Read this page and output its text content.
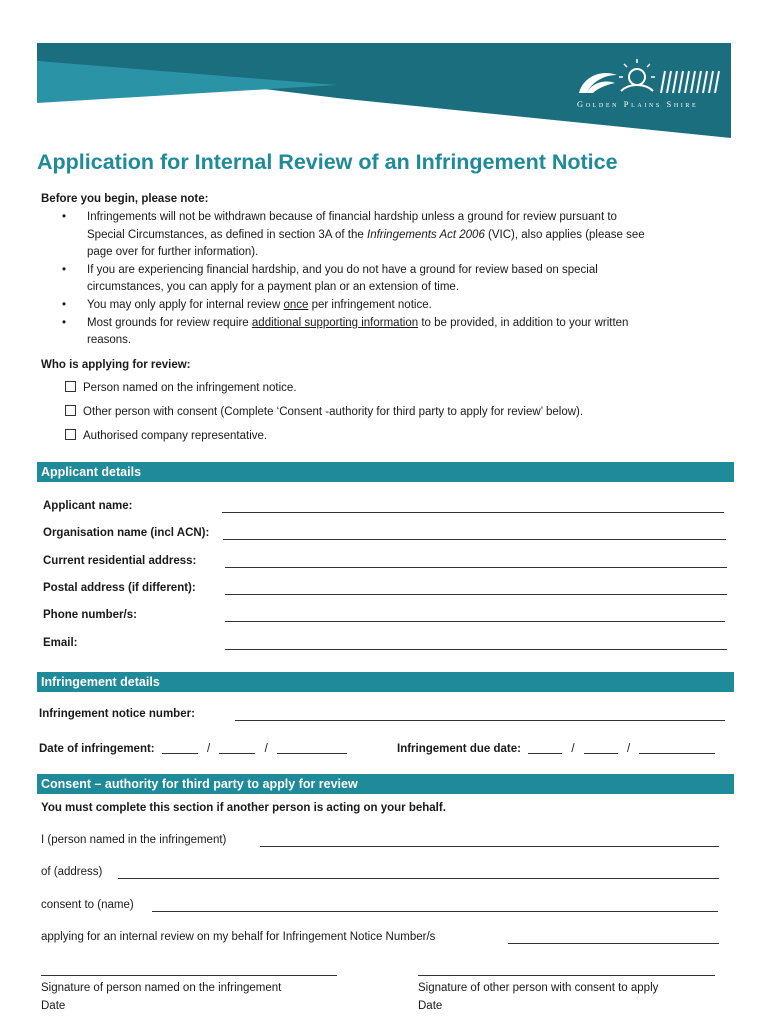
Golden Plains Shire
Application for Internal Review of an Infringement Notice
Before you begin, please note:
• Infringements will not be withdrawn because of financial hardship unless a ground for review pursuant to
Special Circumstances, as defined in section 3A of the Infringements Act 2006 (VIC), also applies (please see
page over for further information).
• If you are experiencing financial hardship, and you do not have a ground for review based on special
circumstances, you can apply for a payment plan or an extension of time.
• You may only apply for internal review once per infringement notice.
• Most grounds for review require additional supporting information to be provided, in addition to your written
reasons.
Who is applying for review:
Person named on the infringement notice.
Other person with consent (Complete ‘Consent -authority for third party to apply for review’ below).
Authorised company representative.
Applicant details
Applicant name:
Organisation name (incl ACN):
Current residential address:
Postal address (if different):
Phone number/s:
Email:
Infringement details
Infringement notice number:
Date of infringement:	/	/	Infringement due date:	/	/
Consent – authority for third party to apply for review
You must complete this section if another person is acting on your behalf.
I (person named in the infringement)
of (address)
consent to (name)
applying for an internal review on my behalf for Infringement Notice Number/s
Signature of person named on the infringement	Signature of other person with consent to apply
Date	Date
